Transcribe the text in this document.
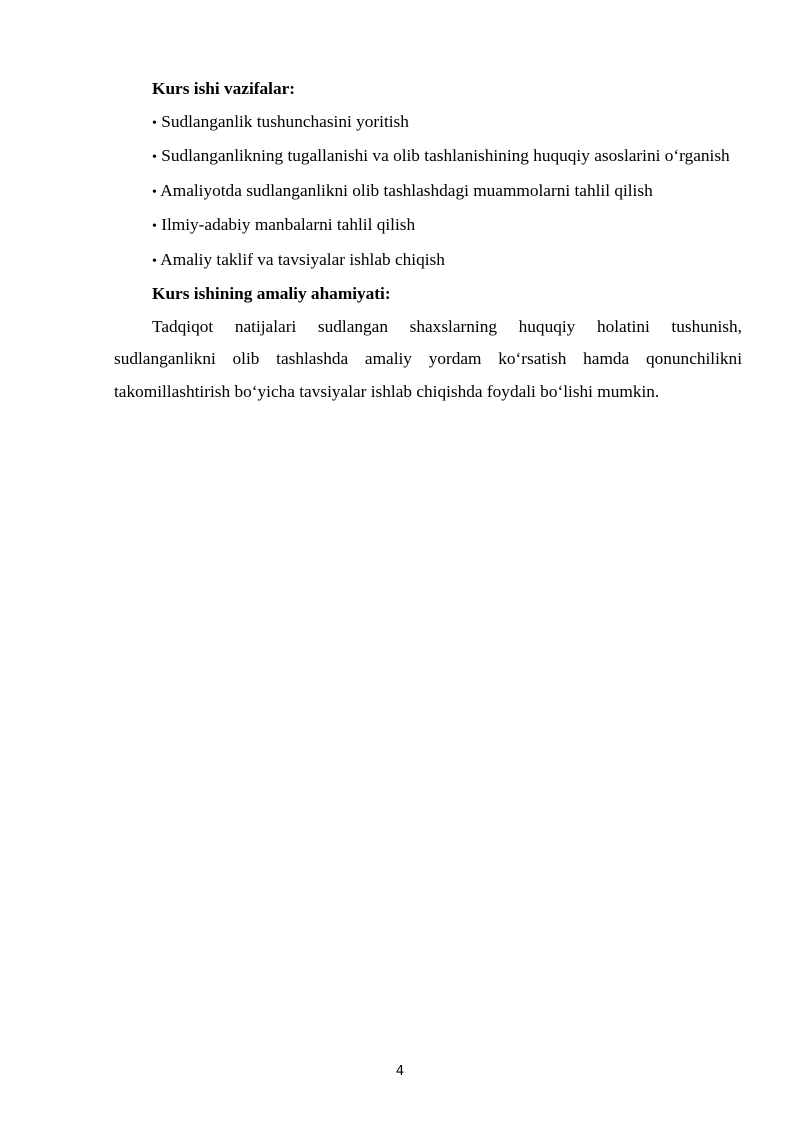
Kurs ishi vazifalar:

• Sudlanganlik tushunchasini yoritish

• Sudlanganlikning tugallanishi va olib tashlanishining huquqiy asoslarini o‘rganish

• Amaliyotda sudlanganlikni olib tashlashdagi muammolarni tahlil qilish

• Ilmiy-adabiy manbalarni tahlil qilish

• Amaliy taklif va tavsiyalar ishlab chiqish

Kurs ishining amaliy ahamiyati:

Tadqiqot natijalari sudlangan shaxslarning huquqiy holatini tushunish, sudlanganlikni olib tashlashda amaliy yordam ko‘rsatish hamda qonunchilikni takomillashtirish bo‘yicha tavsiyalar ishlab chiqishda foydali bo‘lishi mumkin.

4
